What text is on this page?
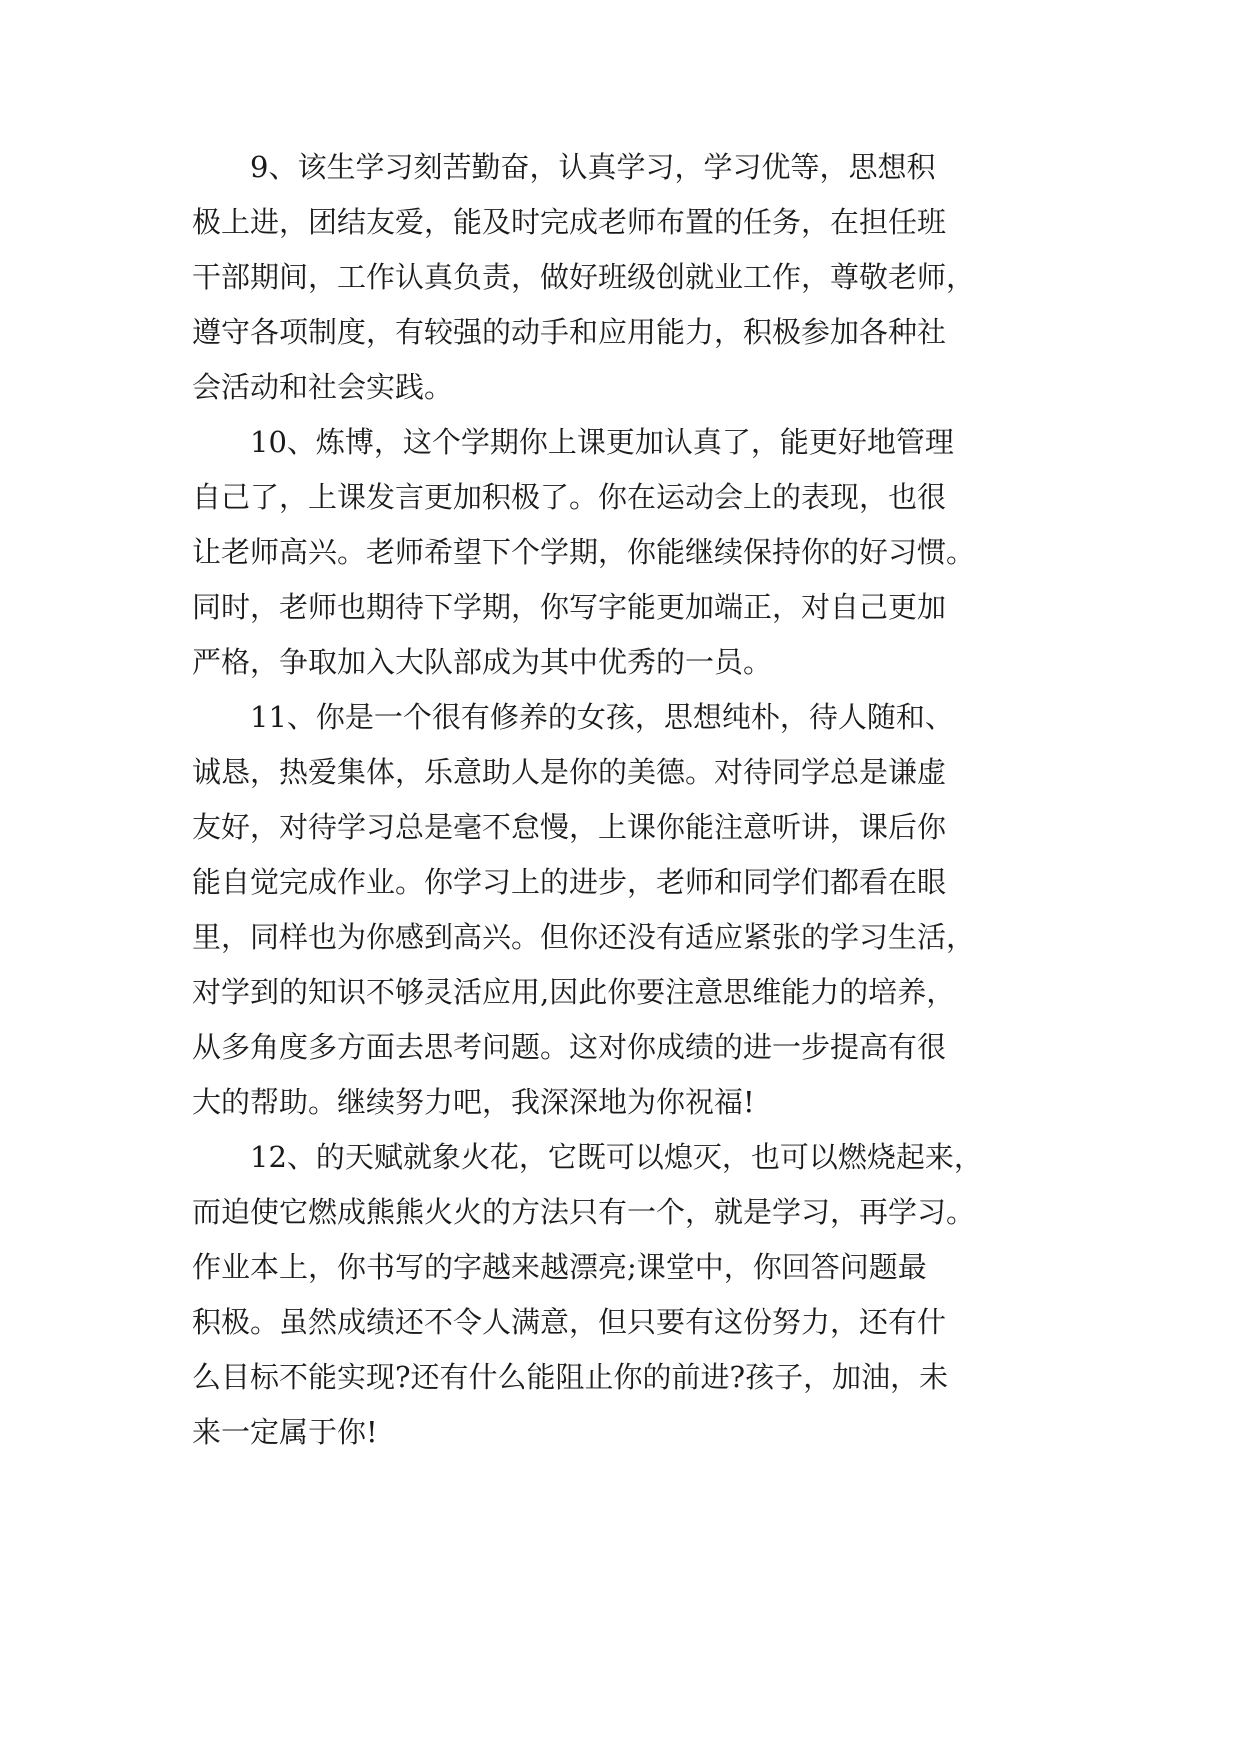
9、该生学习刻苦勤奋，认真学习，学习优等，思想积

极上进，团结友爱，能及时完成老师布置的任务，在担任班

干部期间，工作认真负责，做好班级创就业工作，尊敬老师，

遵守各项制度，有较强的动手和应用能力，积极参加各种社

会活动和社会实践。

10、炼博，这个学期你上课更加认真了，能更好地管理

自己了，上课发言更加积极了。你在运动会上的表现，也很

让老师高兴。老师希望下个学期，你能继续保持你的好习惯。

同时，老师也期待下学期，你写字能更加端正，对自己更加

严格，争取加入大队部成为其中优秀的一员。

11、你是一个很有修养的女孩，思想纯朴，待人随和、

诚恳，热爱集体，乐意助人是你的美德。对待同学总是谦虚

友好，对待学习总是毫不怠慢，上课你能注意听讲，课后你

能自觉完成作业。你学习上的进步，老师和同学们都看在眼

里，同样也为你感到高兴。但你还没有适应紧张的学习生活，

对学到的知识不够灵活应用,因此你要注意思维能力的培养，

从多角度多方面去思考问题。这对你成绩的进一步提高有很

大的帮助。继续努力吧，我深深地为你祝福!

12、的天赋就象火花，它既可以熄灭，也可以燃烧起来，

而迫使它燃成熊熊火火的方法只有一个，就是学习，再学习。

作业本上，你书写的字越来越漂亮;课堂中，你回答问题最

积极。虽然成绩还不令人满意，但只要有这份努力，还有什

么目标不能实现?还有什么能阻止你的前进?孩子，加油，未

来一定属于你!
